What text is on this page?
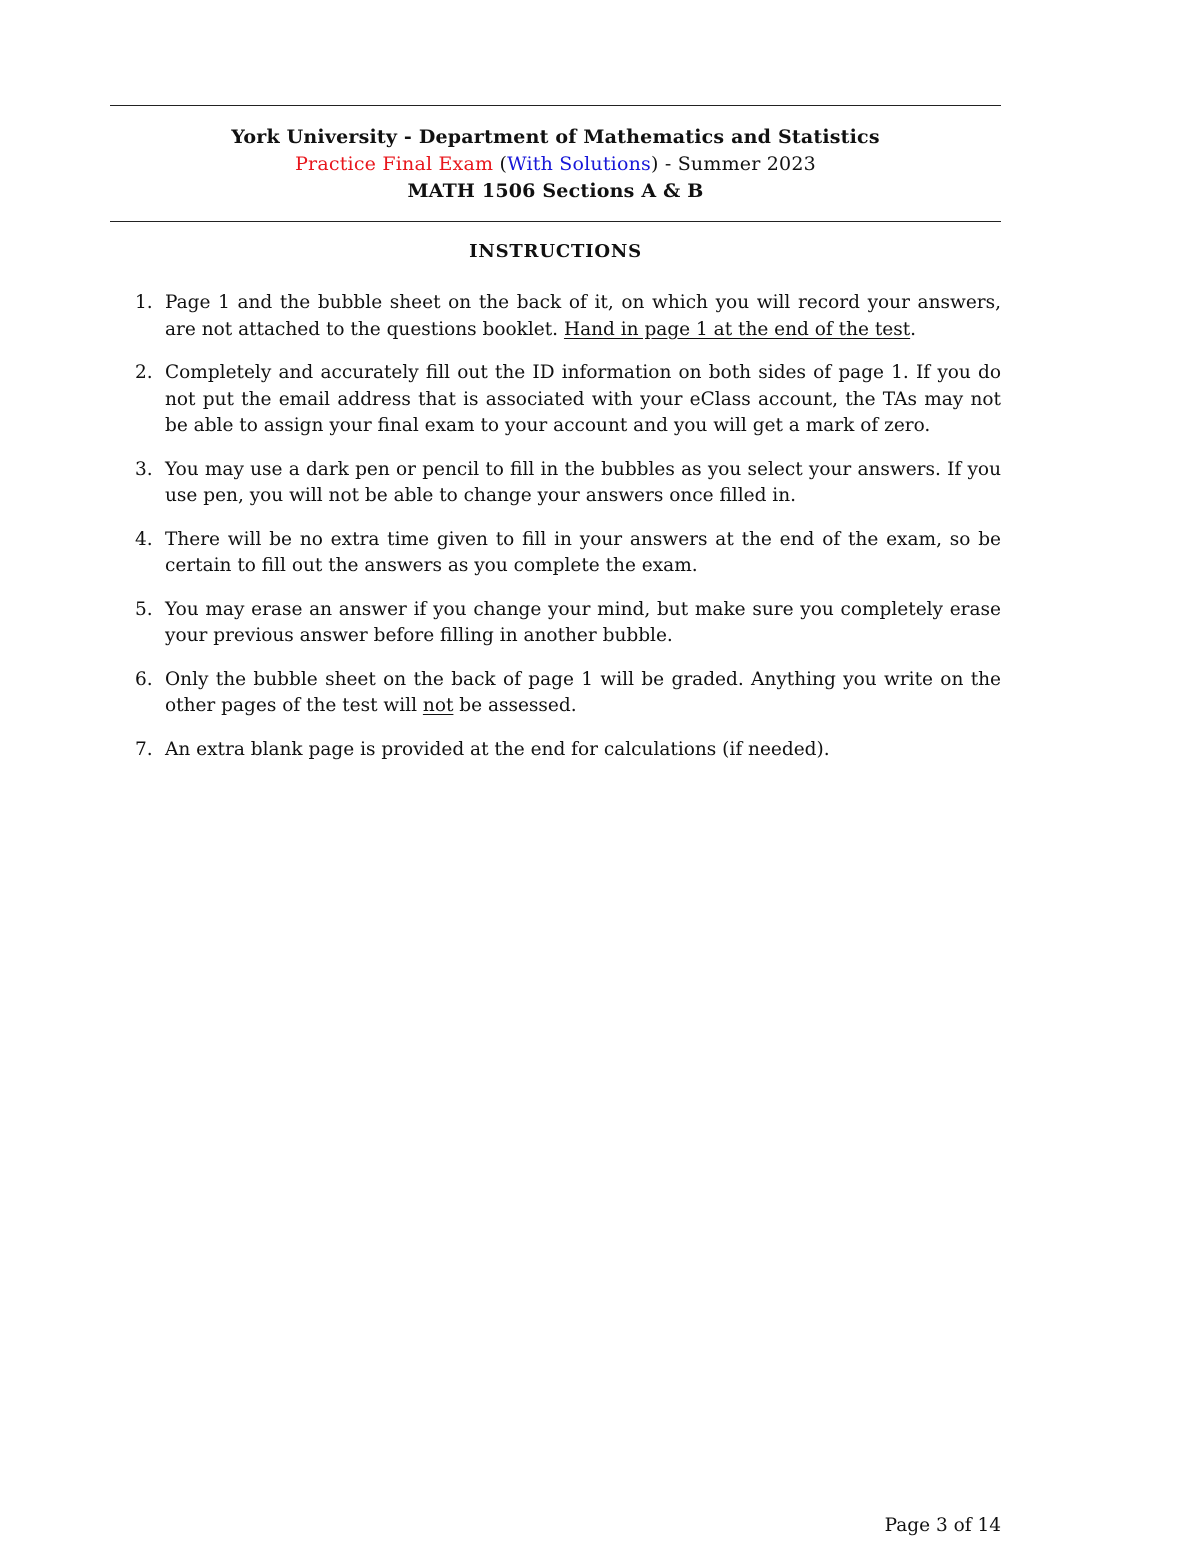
York University - Department of Mathematics and Statistics
Practice Final Exam (With Solutions) - Summer 2023
MATH 1506 Sections A & B
INSTRUCTIONS
1. Page 1 and the bubble sheet on the back of it, on which you will record your answers, are not attached to the questions booklet. Hand in page 1 at the end of the test.
2. Completely and accurately fill out the ID information on both sides of page 1. If you do not put the email address that is associated with your eClass account, the TAs may not be able to assign your final exam to your account and you will get a mark of zero.
3. You may use a dark pen or pencil to fill in the bubbles as you select your answers. If you use pen, you will not be able to change your answers once filled in.
4. There will be no extra time given to fill in your answers at the end of the exam, so be certain to fill out the answers as you complete the exam.
5. You may erase an answer if you change your mind, but make sure you completely erase your previous answer before filling in another bubble.
6. Only the bubble sheet on the back of page 1 will be graded. Anything you write on the other pages of the test will not be assessed.
7. An extra blank page is provided at the end for calculations (if needed).
Page 3 of 14
